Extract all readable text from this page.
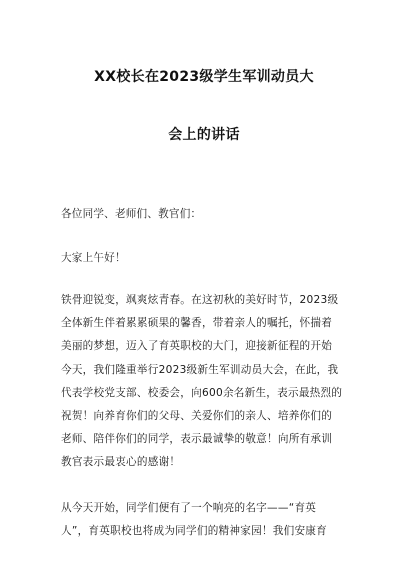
XX校长在2023级学生军训动员大
会上的讲话
各位同学、老师们、教官们：
大家上午好！
铁骨迎锐变，飒爽炫青春。在这初秋的美好时节，2023级
全体新生伴着累累硕果的馨香，带着亲人的嘱托，怀揣着
美丽的梦想，迈入了育英职校的大门，迎接新征程的开始
今天，我们隆重举行2023级新生军训动员大会，在此，我
代表学校党支部、校委会，向600余名新生，表示最热烈的
祝贺！向养育你们的父母、关爱你们的亲人、培养你们的
老师、陪伴你们的同学，表示最诚挚的敬意！向所有承训
教官表示最衷心的感谢！
从今天开始，同学们便有了一个响亮的名字——“育英
人”，育英职校也将成为同学们的精神家园！我们安康育
